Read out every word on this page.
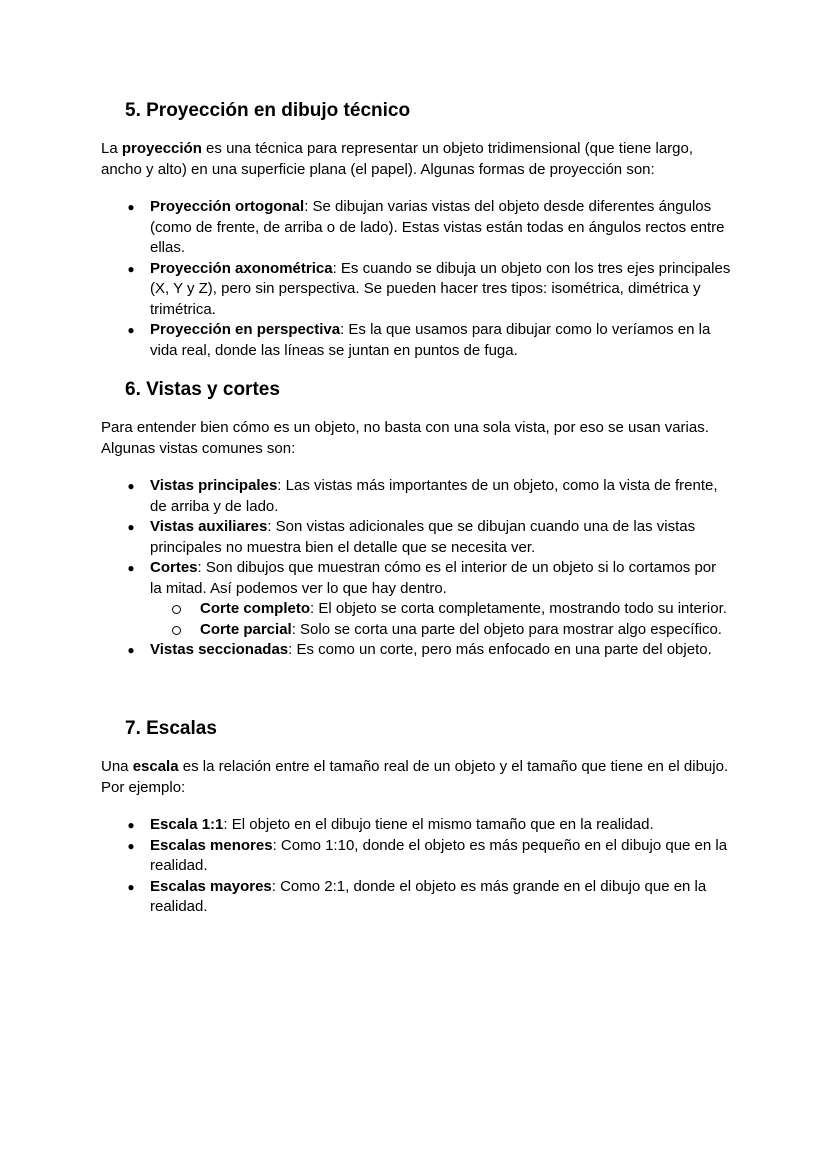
5. Proyección en dibujo técnico

La proyección es una técnica para representar un objeto tridimensional (que tiene largo, ancho y alto) en una superficie plana (el papel). Algunas formas de proyección son:

● Proyección ortogonal: Se dibujan varias vistas del objeto desde diferentes ángulos (como de frente, de arriba o de lado). Estas vistas están todas en ángulos rectos entre ellas.
● Proyección axonométrica: Es cuando se dibuja un objeto con los tres ejes principales (X, Y y Z), pero sin perspectiva. Se pueden hacer tres tipos: isométrica, dimétrica y trimétrica.
● Proyección en perspectiva: Es la que usamos para dibujar como lo veríamos en la vida real, donde las líneas se juntan en puntos de fuga.
6. Vistas y cortes

Para entender bien cómo es un objeto, no basta con una sola vista, por eso se usan varias. Algunas vistas comunes son:

● Vistas principales: Las vistas más importantes de un objeto, como la vista de frente, de arriba y de lado.
● Vistas auxiliares: Son vistas adicionales que se dibujan cuando una de las vistas principales no muestra bien el detalle que se necesita ver.
● Cortes: Son dibujos que muestran cómo es el interior de un objeto si lo cortamos por la mitad. Así podemos ver lo que hay dentro.
Corte completo: El objeto se corta completamente, mostrando todo su interior.
Corte parcial: Solo se corta una parte del objeto para mostrar algo específico.
● Vistas seccionadas: Es como un corte, pero más enfocado en una parte del objeto.
7. Escalas

Una escala es la relación entre el tamaño real de un objeto y el tamaño que tiene en el dibujo. Por ejemplo:

● Escala 1:1: El objeto en el dibujo tiene el mismo tamaño que en la realidad.
● Escalas menores: Como 1:10, donde el objeto es más pequeño en el dibujo que en la realidad.
● Escalas mayores: Como 2:1, donde el objeto es más grande en el dibujo que en la realidad.
